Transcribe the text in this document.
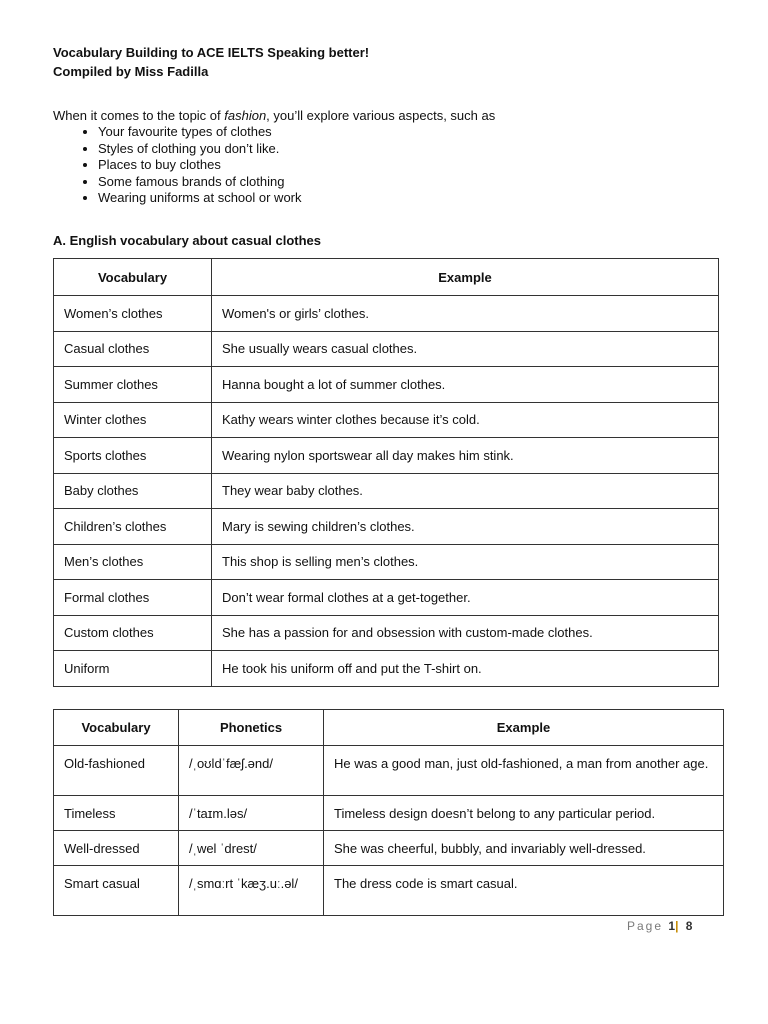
Vocabulary Building to ACE IELTS Speaking better!

Compiled by Miss Fadilla

When it comes to the topic of fashion, you’ll explore various aspects, such as
• Your favourite types of clothes
• Styles of clothing you don’t like.
• Places to buy clothes
• Some famous brands of clothing
• Wearing uniforms at school or work
A. English vocabulary about casual clothes
Vocabulary	Example
Women’s clothes	Women's or girls’ clothes.
Casual clothes	She usually wears casual clothes.
Summer clothes	Hanna bought a lot of summer clothes.
Winter clothes	Kathy wears winter clothes because it’s cold.
Sports clothes	Wearing nylon sportswear all day makes him stink.
Baby clothes	They wear baby clothes.
Children’s clothes	Mary is sewing children’s clothes.
Men’s clothes	This shop is selling men’s clothes.
Formal clothes	Don’t wear formal clothes at a get-together.
Custom clothes	She has a passion for and obsession with custom-made clothes.
Uniform	He took his uniform off and put the T-shirt on.
Vocabulary	Phonetics	Example
Old-fashioned	/ˌoʊldˈfæʃ.ənd/	He was a good man, just old-fashioned, a man from another age.
Timeless	/ˈtaɪm.ləs/	Timeless design doesn’t belong to any particular period.
Well-dressed	/ˌwel ˈdrest/	She was cheerful, bubbly, and invariably well-dressed.
Smart casual	/ˌsmɑːrt ˈkæʒ.uː.əl/	The dress code is smart casual.
Page 1| 8
